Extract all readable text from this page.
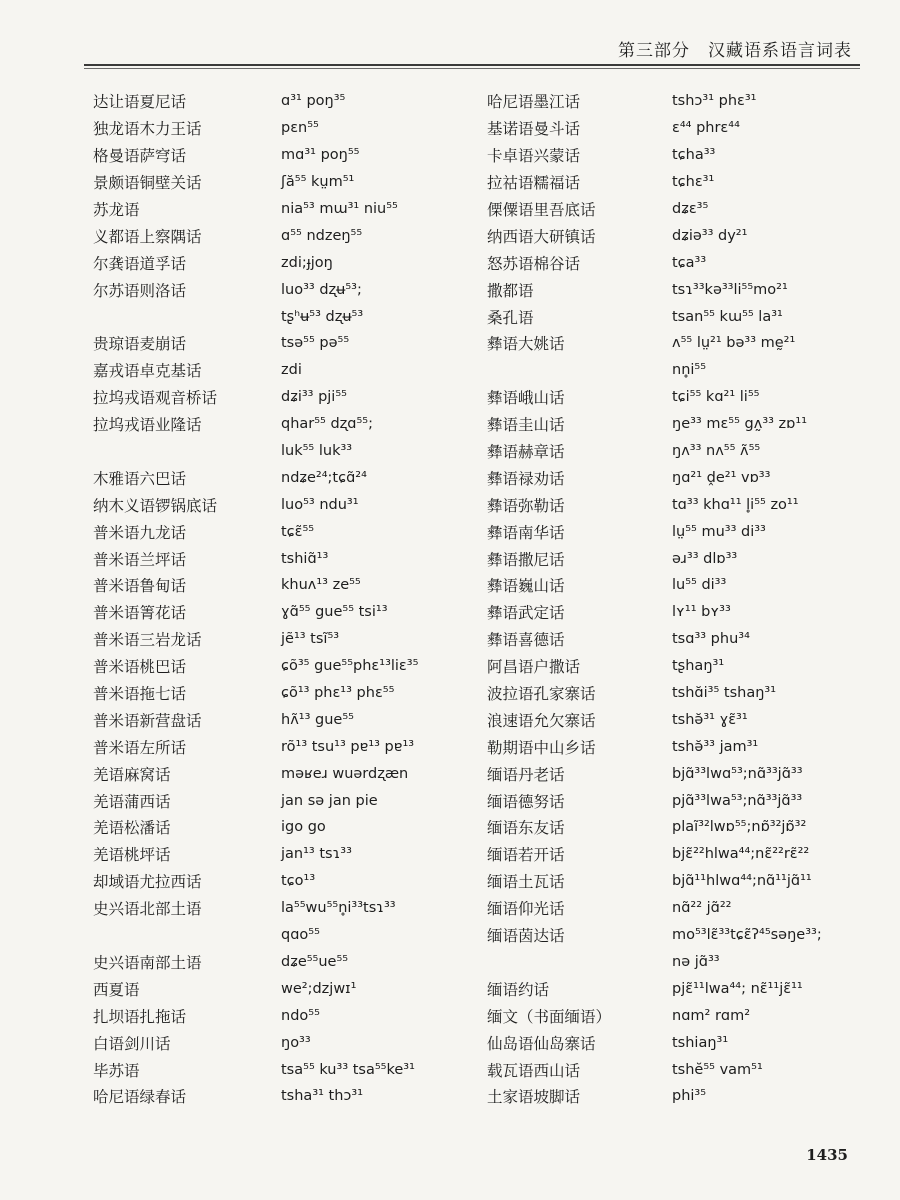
第三部分 汉藏语系语言词表
达让语夏尼话	ɑ³¹ poŋ³⁵
独龙语木力王话	pɛn⁵⁵
格曼语萨穹话	mɑ³¹ poŋ⁵⁵
景颇语铜壁关话	ʃă⁵⁵ kṳm⁵¹
苏龙语	nia⁵³ mɯ³¹ niu⁵⁵
义都语上察隅话	ɑ⁵⁵ ndzeŋ⁵⁵
尔龚语道孚话	zdi;ɟjoŋ
尔苏语则洛话	luo³³ dʐʉ⁵³;
tʂʰʉ⁵³ dʐʉ⁵³
贵琼语麦崩话	tsə⁵⁵ pə⁵⁵
嘉戎语卓克基话	zdi
拉坞戎语观音桥话	dʑi³³ pji⁵⁵
拉坞戎语业隆话	qhar⁵⁵ dʐɑ⁵⁵;
luk⁵⁵ luk³³
木雅语六巴话	ndʑe²⁴;tɕɑ̃²⁴
纳木义语锣锅底话	luo⁵³ ndu³¹
普米语九龙话	tɕɛ̃⁵⁵
普米语兰坪话	tshiɑ̃¹³
普米语鲁甸话	khuʌ¹³ ze⁵⁵
普米语箐花话	ɣɑ̃⁵⁵ gue⁵⁵ tsi¹³
普米语三岩龙话	jẽ¹³ tsĩ⁵³
普米语桃巴话	ɕõ³⁵ gue⁵⁵phɛ¹³liɛ³⁵
普米语拖七话	ɕõ¹³ phɛ¹³ phɛ⁵⁵
普米语新营盘话	hʌ̃¹³ gue⁵⁵
普米语左所话	rõ¹³ tsu¹³ pɐ¹³ pɐ¹³
羌语麻窝话	məʁeɹ wuərdʐæn
羌语蒲西话	jan sə jan pie
羌语松潘话	igo go
羌语桃坪话	jan¹³ tsɿ³³
却域语尤拉西话	tɕo¹³
史兴语北部土语	la⁵⁵wu⁵⁵n̥i³³tsɿ³³
qɑo⁵⁵
史兴语南部土语	dʑe⁵⁵ue⁵⁵
西夏语	we²;dzjwɪ¹
扎坝语扎拖话	ndo⁵⁵
白语剑川话	ŋo³³
毕苏语	tsa⁵⁵ ku³³ tsa⁵⁵ke³¹
哈尼语绿春话	tsha³¹ thɔ³¹
哈尼语墨江话	tshɔ³¹ phɛ³¹
基诺语曼斗话	ɛ⁴⁴ phrɛ⁴⁴
卡卓语兴蒙话	tɕha³³
拉祜语糯福话	tɕhɛ³¹
傈僳语里吾底话	dʑɛ³⁵
纳西语大研镇话	dʑiə³³ dy²¹
怒苏语棉谷话	tɕa³³
撒都语	tsɿ³³kə³³li⁵⁵mo²¹
桑孔语	tsan⁵⁵ kɯ⁵⁵ la³¹
彝语大姚话	ʌ⁵⁵ lṳ²¹ bə³³ mḛ²¹
nn̥i⁵⁵
彝语峨山话	tɕi⁵⁵ kɑ²¹ li⁵⁵
彝语圭山话	ŋe³³ mɛ⁵⁵ gʌ̰³³ zɒ¹¹
彝语赫章话	ŋʌ³³ nʌ⁵⁵ ʌ̃⁵⁵
彝语禄劝话	ŋɑ²¹ ḓe²¹ vɒ³³
彝语弥勒话	tɑ³³ khɑ¹¹ l̥i⁵⁵ zo¹¹
彝语南华话	lṳ⁵⁵ mu³³ di³³
彝语撒尼话	əɹ³³ dlɒ³³
彝语巍山话	lu⁵⁵ di³³
彝语武定话	lʏ¹¹ bʏ³³
彝语喜德话	tsɑ³³ phu³⁴
阿昌语户撒话	tʂhaŋ³¹
波拉语孔家寨话	tshɑ̆i³⁵ tshaŋ³¹
浪速语允欠寨话	tshə̆³¹ ɣɛ̃³¹
勒期语中山乡话	tshə̆³³ jam³¹
缅语丹老话	bjɑ̃³³lwɑ⁵³;nɑ̃³³jɑ̃³³
缅语德努话	pjɑ̃³³lwa⁵³;nɑ̃³³jɑ̃³³
缅语东友话	plaĩ³²lwɒ⁵⁵;nɒ̃³²jɒ̃³²
缅语若开话	bjɛ̃²²hlwa⁴⁴;nɛ̃²²rɛ̃²²
缅语土瓦话	bjɑ̃¹¹hlwɑ⁴⁴;nɑ̃¹¹jɑ̃¹¹
缅语仰光话	nɑ̃²² jɑ̃²²
缅语茵达话	mo⁵³lɛ̃³³tɕɛ̃ʔ⁴⁵səŋe³³;
nə jɑ̃³³
缅语约话	pjɛ̃¹¹lwa⁴⁴; nɛ̃¹¹jɛ̃¹¹
缅文（书面缅语）	nɑm² rɑm²
仙岛语仙岛寨话	tshiaŋ³¹
载瓦语西山话	tshĕ⁵⁵ vam⁵¹
土家语坡脚话	phi³⁵
1435
